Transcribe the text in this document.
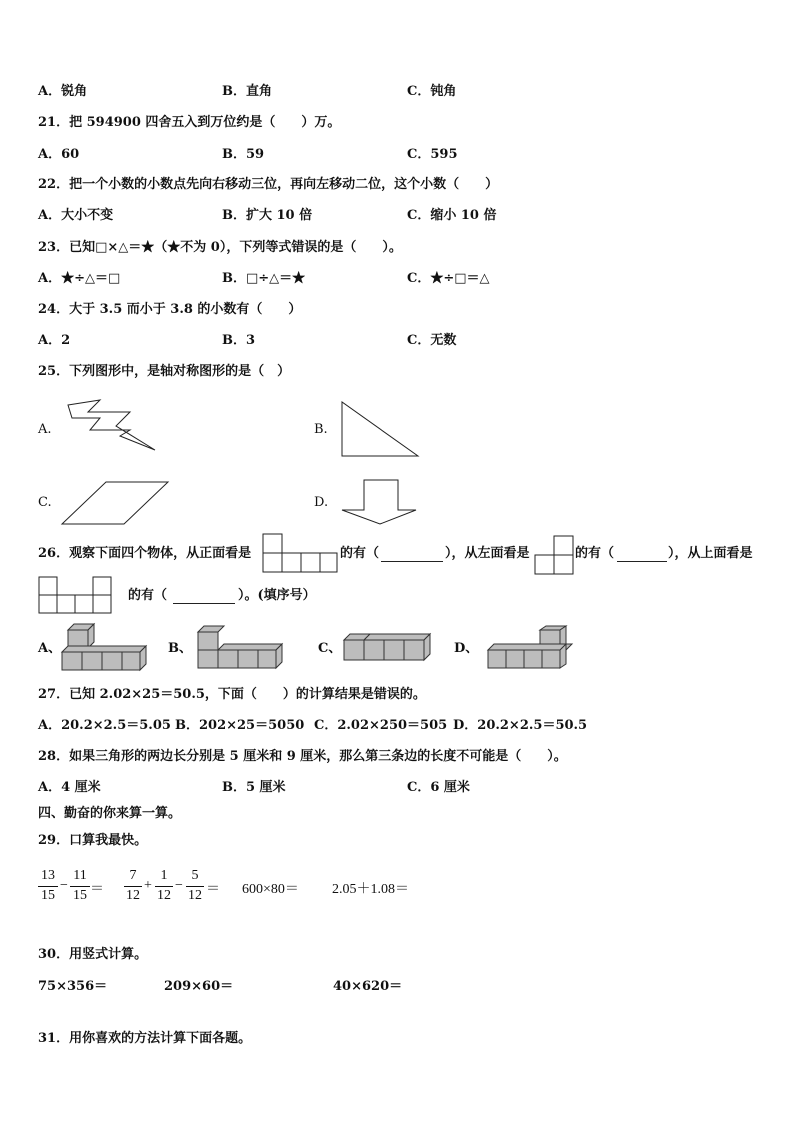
A．锐角	B．直角	C．钝角
21．把 594900 四舍五入到万位约是（　　）万。
A．60	B．59	C．595
22．把一个小数的小数点先向右移动三位，再向左移动二位，这个小数（　　）
A．大小不变	B．扩大 10 倍	C．缩小 10 倍
23．已知□×△＝★（★不为 0），下列等式错误的是（　　）。
A．★÷△＝□	B．□÷△＝★	C．★÷□＝△
24．大于 3.5 而小于 3.8 的小数有（　　）
A．2	B．3	C．无数
25．下列图形中，是轴对称图形的是（　）
A.	B.
C.	D.
26．观察下面四个物体，从正面看是	的有（	），从左面看是	的有（	），从上面看是
的有（	）。(填序号）
A、	B、	C、	D、
27．已知 2.02×25＝50.5，下面（　　）的计算结果是错误的。
A．20.2×2.5＝5.05 B．202×25＝5050 C．2.02×250＝505 D．20.2×2.5＝50.5
28．如果三角形的两边长分别是 5 厘米和 9 厘米，那么第三条边的长度不可能是（　　）。
A．4 厘米	B．5 厘米	C．6 厘米
四、勤奋的你来算一算。
29．口算我最快。
13
15
−
11
15 ＝
7
12
+
1
12
−
5
12 ＝ 600×80＝ 2.05＋1.08＝
30．用竖式计算。
75×356＝	209×60＝	40×620＝
31．用你喜欢的方法计算下面各题。
